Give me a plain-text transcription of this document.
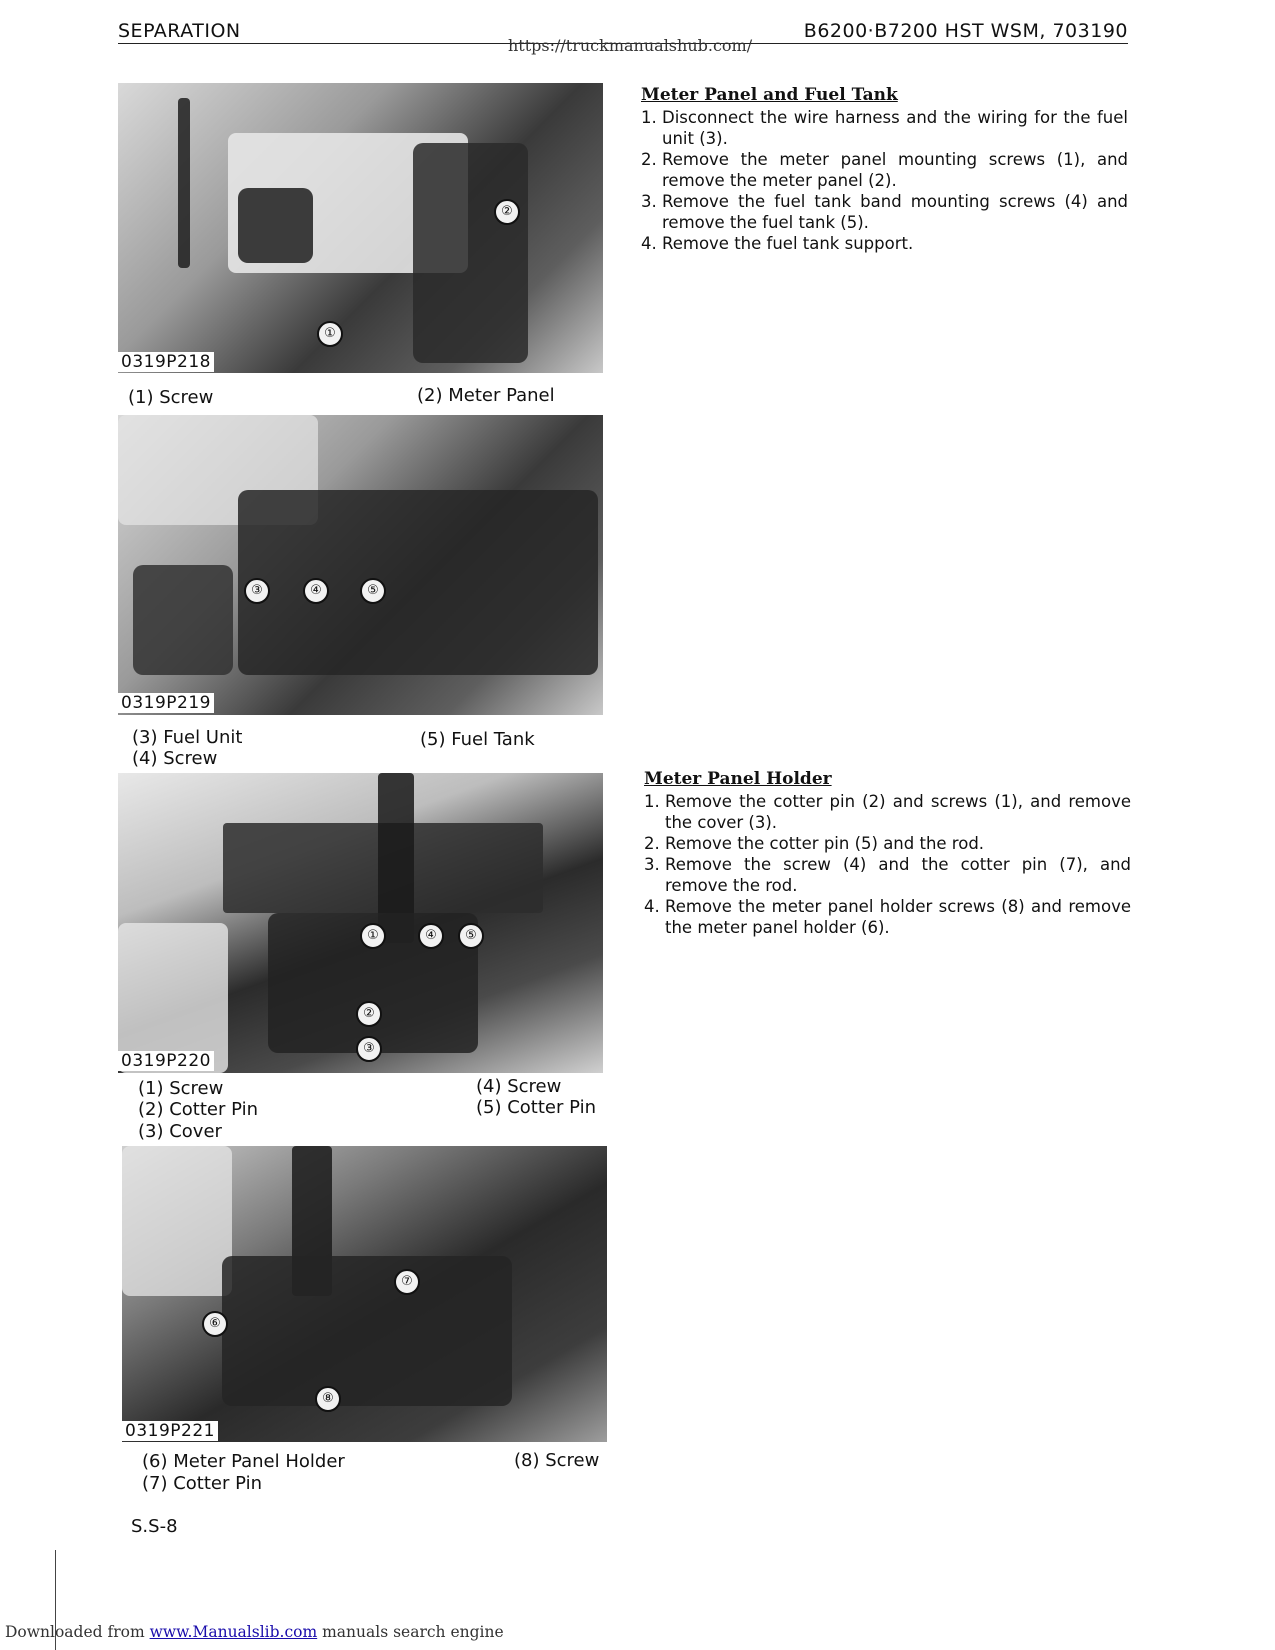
SEPARATION	B6200·B7200 HST WSM, 703190
https://truckmanualshub.com/
①
②
0319P218
(1) Screw	(2) Meter Panel
③	④	⑤
0319P219
(3) Fuel Unit
(4) Screw
(5) Fuel Tank
①	④	⑤
②
③
0319P220
(1) Screw
(2) Cotter Pin
(3) Cover
(4) Screw
(5) Cotter Pin
⑥
⑦
⑧
0319P221
(6) Meter Panel Holder
(7) Cotter Pin
(8) Screw
Meter Panel and Fuel Tank
1. Disconnect the wire harness and the wiring for the fuel unit (3).
2. Remove the meter panel mounting screws (1), and remove the meter panel (2).
3. Remove the fuel tank band mounting screws (4) and remove the fuel tank (5).
4. Remove the fuel tank support.
Meter Panel Holder
1. Remove the cotter pin (2) and screws (1), and remove the cover (3).
2. Remove the cotter pin (5) and the rod.
3. Remove the screw (4) and the cotter pin (7), and remove the rod.
4. Remove the meter panel holder screws (8) and remove the meter panel holder (6).
S.S-8
Downloaded from www.Manualslib.com manuals search engine
